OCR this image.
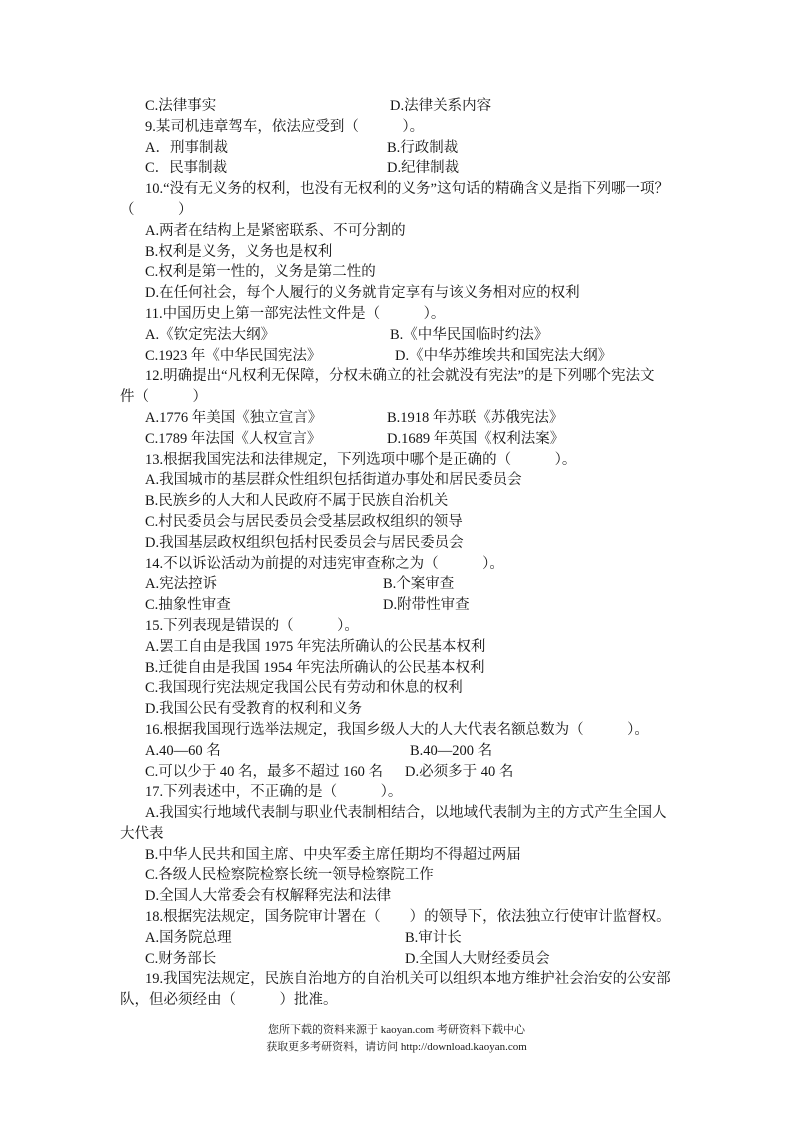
C.法律事实	D.法律关系内容
9.某司机违章驾车，依法应受到（　　　）。
A．刑事制裁	B.行政制裁
C．民事制裁	D.纪律制裁
10.“没有无义务的权利，也没有无权利的义务”这句话的精确含义是指下列哪一项？
（　　　）
A.两者在结构上是紧密联系、不可分割的
B.权利是义务，义务也是权利
C.权利是第一性的，义务是第二性的
D.在任何社会，每个人履行的义务就肯定享有与该义务相对应的权利
11.中国历史上第一部宪法性文件是（　　　）。
A.《钦定宪法大纲》	B.《中华民国临时约法》
C.1923 年《中华民国宪法》	D.《中华苏维埃共和国宪法大纲》
12.明确提出“凡权利无保障，分权未确立的社会就没有宪法”的是下列哪个宪法文
件（　　　）
A.1776 年美国《独立宣言》	B.1918 年苏联《苏俄宪法》
C.1789 年法国《人权宣言》	D.1689 年英国《权利法案》
13.根据我国宪法和法律规定，下列选项中哪个是正确的（　　　）。
A.我国城市的基层群众性组织包括街道办事处和居民委员会
B.民族乡的人大和人民政府不属于民族自治机关
C.村民委员会与居民委员会受基层政权组织的领导
D.我国基层政权组织包括村民委员会与居民委员会
14.不以诉讼活动为前提的对违宪审查称之为（　　　）。
A.宪法控诉	B.个案审查
C.抽象性审查	D.附带性审查
15.下列表现是错误的（　　　）。
A.罢工自由是我国 1975 年宪法所确认的公民基本权利
B.迁徙自由是我国 1954 年宪法所确认的公民基本权利
C.我国现行宪法规定我国公民有劳动和休息的权利
D.我国公民有受教育的权利和义务
16.根据我国现行选举法规定，我国乡级人大的人大代表名额总数为（　　　）。
A.40—60 名	B.40—200 名
C.可以少于 40 名，最多不超过 160 名 D.必须多于 40 名
17.下列表述中，不正确的是（　　　）。
A.我国实行地域代表制与职业代表制相结合，以地域代表制为主的方式产生全国人
大代表
B.中华人民共和国主席、中央军委主席任期均不得超过两届
C.各级人民检察院检察长统一领导检察院工作
D.全国人大常委会有权解释宪法和法律
18.根据宪法规定，国务院审计署在（　　）的领导下，依法独立行使审计监督权。
A.国务院总理	B.审计长
C.财务部长	D.全国人大财经委员会
19.我国宪法规定，民族自治地方的自治机关可以组织本地方维护社会治安的公安部
队，但必须经由（　　　）批准。
您所下载的资料来源于 kaoyan.com 考研资料下载中心
获取更多考研资料，请访问 http://download.kaoyan.com
